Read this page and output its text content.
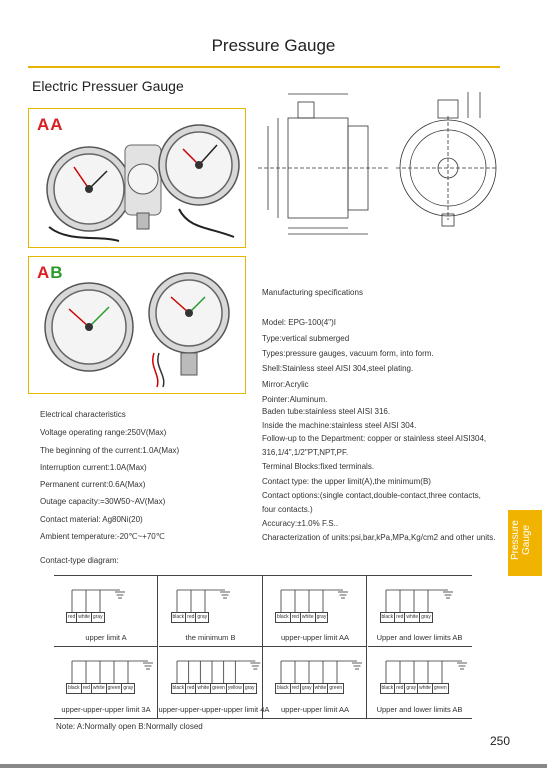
Pressure Gauge
Electric Pressuer Gauge
AA
AB
Manufacturing specifications
Model: EPG-100(4")I
Type:vertical submerged
Types:pressure gauges, vacuum form, into form.
Shell:Stainless steel AISI 304,steel plating.
Mirror:Acrylic
Pointer:Aluminum.
Baden tube:stainless steel AISI 316.
Inside the machine:stainless steel AISI 304.
Follow-up to the Department: copper or stainless steel AISI304,
316,1/4",1/2"PT,NPT,PF.
Terminal Blocks:fixed terminals.
Contact type: the upper limit(A),the minimum(B)
Contact options:(single contact,double-contact,three contacts,
four contacts.)
Accuracy:±1.0% F.S..
Characterization of units:psi,bar,kPa,MPa,Kg/cm2 and other units.
Electrical characteristics
Voltage operating range:250V(Max)
The beginning of the current:1.0A(Max)
Interruption current:1.0A(Max)
Permanent current:0.6A(Max)
Outage capacity:=30W50~AV(Max)
Contact material: Ag80Ni(20)
Ambient temperature:-20℃~+70℃	Pressure Gauge
Contact-type diagram:
red white gray
upper limit A
black red gray
the minimum B
black red white gray
upper-upper limit AA
black red white gray
Upper and lower limits AB
black red white green gray
upper-upper-upper limit 3A
black red white green yellow gray
upper-upper-upper-upper limit 4A
black red gray white green
upper-upper limit AA
black red gray white green
Upper and lower limits AB
Note: A:Normally open B:Normally closed
250
